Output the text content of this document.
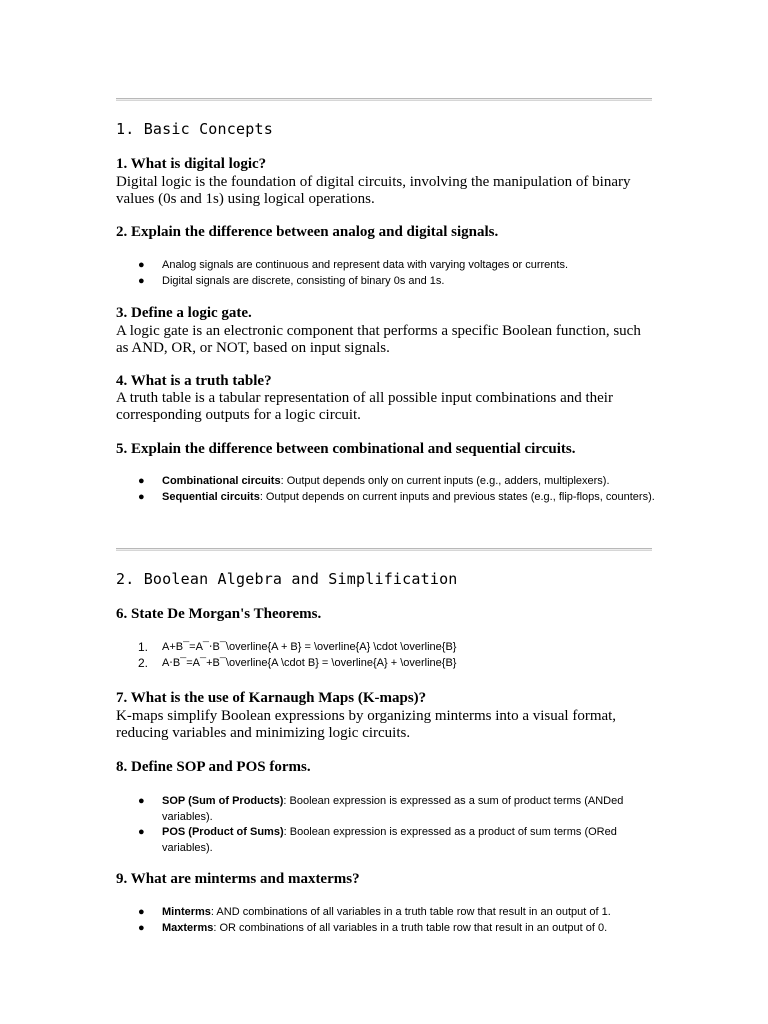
1. Basic Concepts
1. What is digital logic?
Digital logic is the foundation of digital circuits, involving the manipulation of binary values (0s and 1s) using logical operations.
2. Explain the difference between analog and digital signals.
● Analog signals are continuous and represent data with varying voltages or currents.
● Digital signals are discrete, consisting of binary 0s and 1s.
3. Define a logic gate.
A logic gate is an electronic component that performs a specific Boolean function, such as AND, OR, or NOT, based on input signals.
4. What is a truth table?
A truth table is a tabular representation of all possible input combinations and their corresponding outputs for a logic circuit.
5. Explain the difference between combinational and sequential circuits.
● Combinational circuits: Output depends only on current inputs (e.g., adders, multiplexers).
● Sequential circuits: Output depends on current inputs and previous states (e.g., flip-flops, counters).
2. Boolean Algebra and Simplification
6. State De Morgan's Theorems.
1. A+B¯=A¯⋅B¯\overline{A + B} = \overline{A} \cdot \overline{B}
2. A⋅B¯=A¯+B¯\overline{A \cdot B} = \overline{A} + \overline{B}
7. What is the use of Karnaugh Maps (K-maps)?
K-maps simplify Boolean expressions by organizing minterms into a visual format, reducing variables and minimizing logic circuits.
8. Define SOP and POS forms.
● SOP (Sum of Products): Boolean expression is expressed as a sum of product terms (ANDed variables).
● POS (Product of Sums): Boolean expression is expressed as a product of sum terms (ORed variables).
9. What are minterms and maxterms?
● Minterms: AND combinations of all variables in a truth table row that result in an output of 1.
● Maxterms: OR combinations of all variables in a truth table row that result in an output of 0.
